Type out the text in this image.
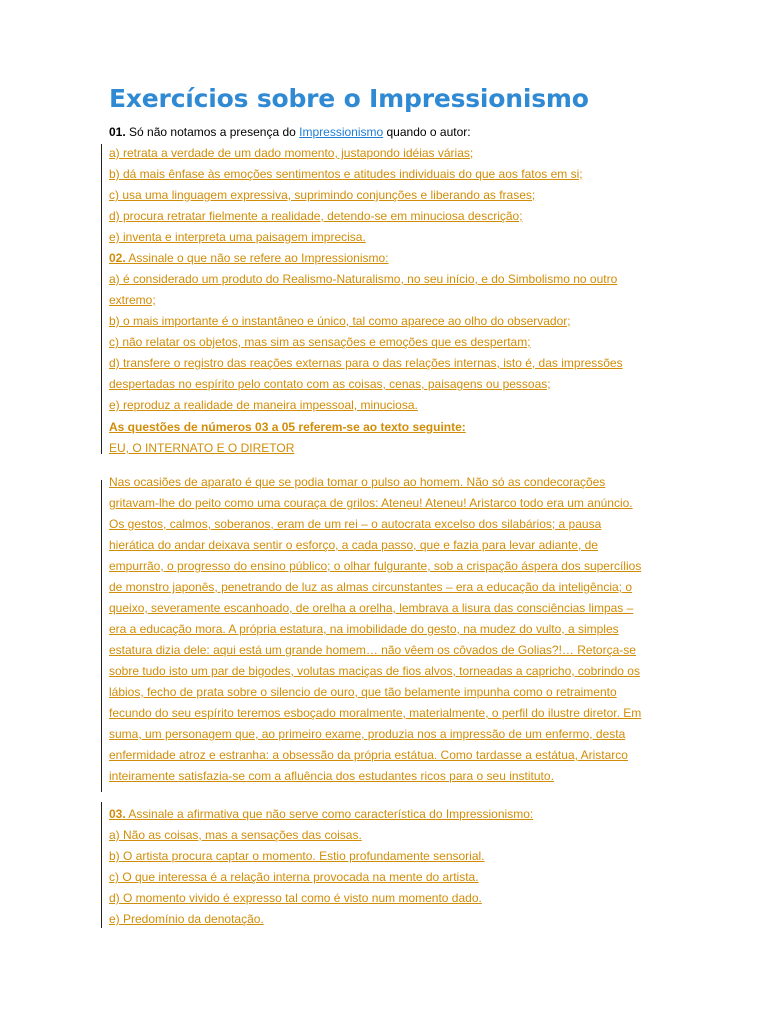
Exercícios sobre o Impressionismo
01. Só não notamos a presença do Impressionismo quando o autor:
a) retrata a verdade de um dado momento, justapondo idéias várias;
b) dá mais ênfase às emoções sentimentos e atitudes individuais do que aos fatos em si;
c) usa uma linguagem expressiva, suprimindo conjunções e liberando as frases;
d) procura retratar fielmente a realidade, detendo-se em minuciosa descrição;
e) inventa e interpreta uma paisagem imprecisa.
02. Assinale o que não se refere ao Impressionismo:
a) é considerado um produto do Realismo-Naturalismo, no seu início, e do Simbolismo no outro
extremo;
b) o mais importante é o instantâneo e único, tal como aparece ao olho do observador;
c) não relatar os objetos, mas sim as sensações e emoções que es despertam;
d) transfere o registro das reações externas para o das relações internas, isto é, das impressões
despertadas no espírito pelo contato com as coisas, cenas, paisagens ou pessoas;
e) reproduz a realidade de maneira impessoal, minuciosa.
As questões de números 03 a 05 referem-se ao texto seguinte:
EU, O INTERNATO E O DIRETOR
Nas ocasiões de aparato é que se podia tomar o pulso ao homem. Não só as condecorações
gritavam-lhe do peito como uma couraça de grilos: Ateneu! Ateneu! Aristarco todo era um anúncio.
Os gestos, calmos, soberanos, eram de um rei – o autocrata excelso dos silabários; a pausa
hierática do andar deixava sentir o esforço, a cada passo, que e fazia para levar adiante, de
empurrão, o progresso do ensino público; o olhar fulgurante, sob a crispação áspera dos supercílios
de monstro japonês, penetrando de luz as almas circunstantes – era a educação da inteligência; o
queixo, severamente escanhoado, de orelha a orelha, lembrava a lisura das consciências limpas –
era a educação mora. A própria estatura, na imobilidade do gesto, na mudez do vulto, a simples
estatura dizia dele: aqui está um grande homem… não vêem os côvados de Golias?!… Retorça-se
sobre tudo isto um par de bigodes, volutas maciças de fios alvos, torneadas a capricho, cobrindo os
lábios, fecho de prata sobre o silencio de ouro, que tão belamente impunha como o retraimento
fecundo do seu espírito teremos esboçado moralmente, materialmente, o perfil do ilustre diretor. Em
suma, um personagem que, ao primeiro exame, produzia nos a impressão de um enfermo, desta
enfermidade atroz e estranha: a obsessão da própria estátua. Como tardasse a estátua, Aristarco
inteiramente satisfazia-se com a afluência dos estudantes ricos para o seu instituto.
03. Assinale a afirmativa que não serve como característica do Impressionismo:
a) Não as coisas, mas a sensações das coisas.
b) O artista procura captar o momento. Estio profundamente sensorial.
c) O que interessa é a relação interna provocada na mente do artista.
d) O momento vivido é expresso tal como é visto num momento dado.
e) Predomínio da denotação.
